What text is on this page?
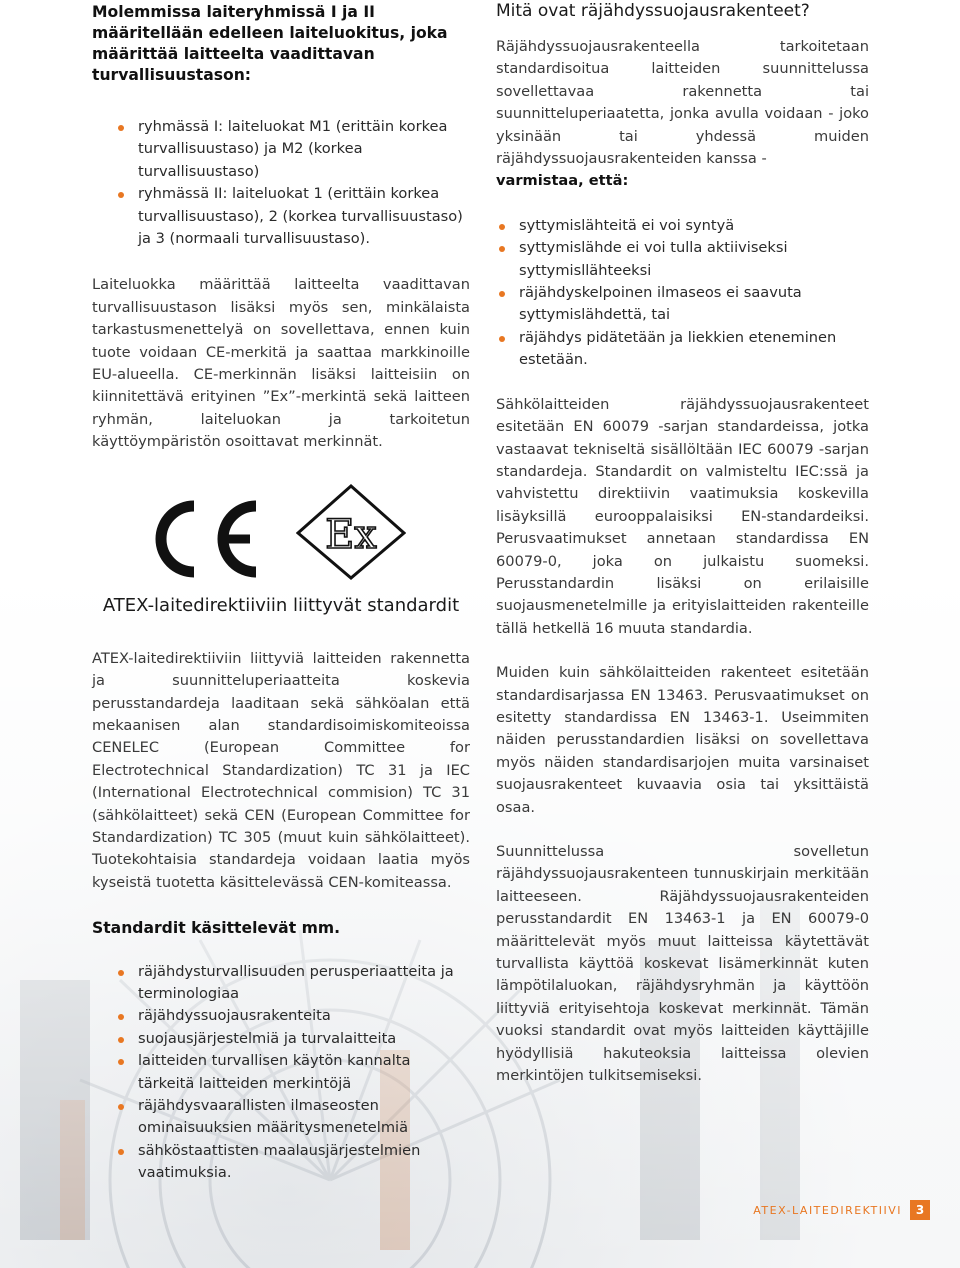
Molemmissa laiteryhmissä I ja II määritellään edelleen laiteluokitus, joka määrittää laitteelta vaadittavan turvallisuustason:
ryhmässä I: laiteluokat M1 (erittäin korkea turvallisuustaso) ja M2 (korkea turvallisuustaso)
ryhmässä II: laiteluokat 1 (erittäin korkea turvallisuustaso), 2 (korkea turvallisuustaso) ja 3 (normaali turvallisuustaso).

Laiteluokka määrittää laitteelta vaadittavan turvallisuustason lisäksi myös sen, minkälaista tarkastusmenettelyä on sovellettava, ennen kuin tuote voidaan CE-merkitä ja saattaa markkinoille EU-alueella. CE-merkinnän lisäksi laitteisiin on kiinnitettävä erityinen ”Ex”-merkintä sekä laitteen ryhmän, laiteluokan ja tarkoitetun käyttöympäristön osoittavat merkinnät.

Ex
ATEX-laitedirektiiviin liittyvät standardit

ATEX-laitedirektiiviin liittyviä laitteiden rakennetta ja suunnitteluperiaatteita koskevia perusstandardeja laaditaan sekä sähköalan että mekaanisen alan standardisoimiskomiteoissa CENELEC (European Committee for Electrotechnical Standardization) TC 31 ja IEC (International Electrotechnical commision) TC 31 (sähkölaitteet) sekä CEN (European Committee for Standardization) TC 305 (muut kuin sähkölaitteet). Tuotekohtaisia standardeja voidaan laatia myös kyseistä tuotetta käsittelevässä CEN-komiteassa.

Standardit käsittelevät mm.
räjähdysturvallisuuden perusperiaatteita ja terminologiaa
räjähdyssuojausrakenteita
suojausjärjestelmiä ja turvalaitteita
laitteiden turvallisen käytön kannalta tärkeitä laitteiden merkintöjä
räjähdysvaarallisten ilmaseosten ominaisuuksien määritysmenetelmiä
sähköstaattisten maalausjärjestelmien vaatimuksia.
Mitä ovat räjähdyssuojausrakenteet?

Räjähdyssuojausrakenteella tarkoitetaan standardisoitua laitteiden suunnittelussa sovellettavaa rakennetta tai suunnitteluperiaatetta, jonka avulla voidaan - joko yksinään tai yhdessä muiden räjähdyssuojausrakenteiden kanssa -
varmistaa, että:

syttymislähteitä ei voi syntyä
syttymislähde ei voi tulla aktiiviseksi syttymisllähteeksi
räjähdyskelpoinen ilmaseos ei saavuta syttymislähdettä, tai
räjähdys pidätetään ja liekkien eteneminen estetään.

Sähkölaitteiden räjähdyssuojausrakenteet esitetään EN 60079 -sarjan standardeissa, jotka vastaavat tekniseltä sisällöltään IEC 60079 -sarjan standardeja. Standardit on valmisteltu IEC:ssä ja vahvistettu direktiivin vaatimuksia koskevilla lisäyksillä eurooppalaisiksi EN-standardeiksi. Perusvaatimukset annetaan standardissa EN 60079-0, joka on julkaistu suomeksi. Perusstandardin lisäksi on erilaisille suojausmenetelmille ja erityislaitteiden rakenteille tällä hetkellä 16 muuta standardia.

Muiden kuin sähkölaitteiden rakenteet esitetään standardisarjassa EN 13463. Perusvaatimukset on esitetty standardissa EN 13463-1. Useimmiten näiden perusstandardien lisäksi on sovellettava myös näiden standardisarjojen muita varsinaiset suojausrakenteet kuvaavia osia tai yksittäistä osaa.

Suunnittelussa sovelletun räjähdyssuojausrakenteen tunnuskirjain merkitään laitteeseen. Räjähdyssuojausrakenteiden perusstandardit EN 13463-1 ja EN 60079-0 määrittelevät myös muut laitteissa käytettävät turvallista käyttöä koskevat lisämerkinnät kuten lämpötilaluokan, räjähdysryhmän ja käyttöön liittyviä erityisehtoja koskevat merkinnät. Tämän vuoksi standardit ovat myös laitteiden käyttäjille hyödyllisiä hakuteoksia laitteissa olevien merkintöjen tulkitsemiseksi.

ATEX-LAITEDIREKTIIVI	3
